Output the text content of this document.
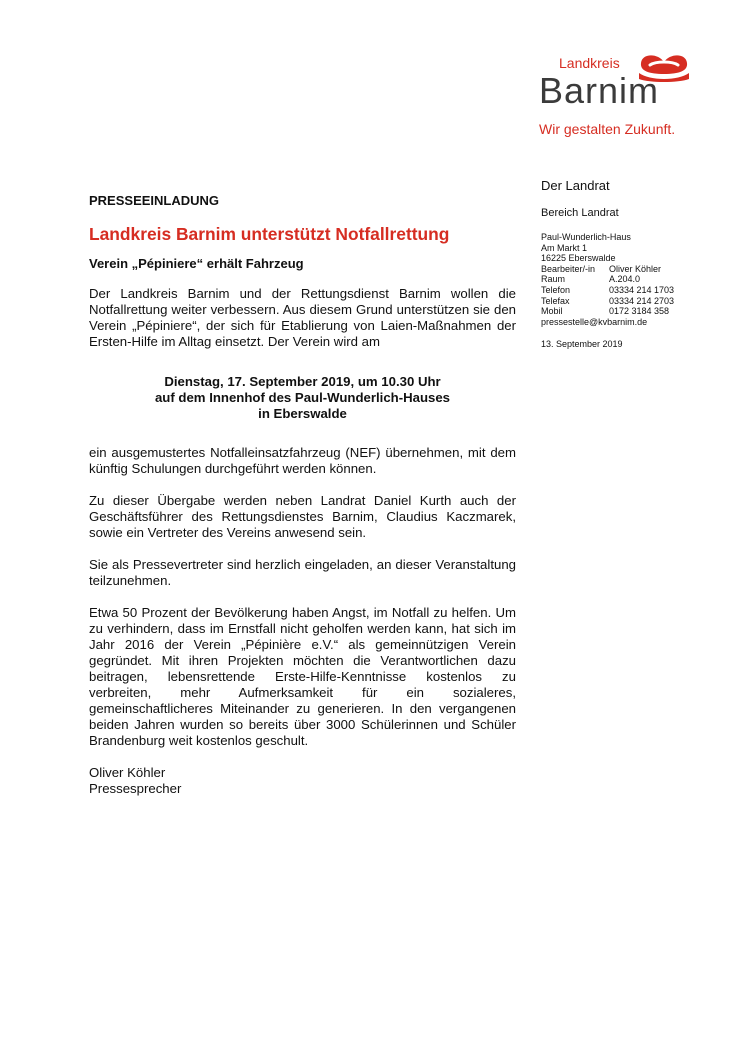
Landkreis
Barnim
Wir gestalten Zukunft.
Der Landrat
Bereich Landrat
Paul-Wunderlich-Haus
Am Markt 1
16225 Eberswalde
Bearbeiter/-in	Oliver Köhler
Raum	A.204.0
Telefon	03334 214 1703
Telefax	03334 214 2703
Mobil	0172 3184 358
pressestelle@kvbarnim.de
13. September 2019
PRESSEEINLADUNG
Landkreis Barnim unterstützt Notfallrettung
Verein „Pépiniere“ erhält Fahrzeug

Der Landkreis Barnim und der Rettungsdienst Barnim wollen die Notfallrettung weiter verbessern. Aus diesem Grund unterstützen sie den Verein „Pépiniere“, der sich für Etablierung von Laien-Maßnahmen der Ersten-Hilfe im Alltag einsetzt. Der Verein wird am

Dienstag, 17. September 2019, um 10.30 Uhr
auf dem Innenhof des Paul-Wunderlich-Hauses
in Eberswalde

ein ausgemustertes Notfalleinsatzfahrzeug (NEF) übernehmen, mit dem künftig Schulungen durchgeführt werden können.

Zu dieser Übergabe werden neben Landrat Daniel Kurth auch der Geschäftsführer des Rettungsdienstes Barnim, Claudius Kaczmarek, sowie ein Vertreter des Vereins anwesend sein.

Sie als Pressevertreter sind herzlich eingeladen, an dieser Veranstaltung teilzunehmen.

Etwa 50 Prozent der Bevölkerung haben Angst, im Notfall zu helfen. Um zu verhindern, dass im Ernstfall nicht geholfen werden kann, hat sich im Jahr 2016 der Verein „Pépinière e.V.“ als gemeinnützigen Verein gegründet. Mit ihren Projekten möchten die Verantwortlichen dazu beitragen, lebensrettende Erste-Hilfe-Kenntnisse kostenlos zu verbreiten, mehr Aufmerksamkeit für ein sozialeres, gemeinschaftlicheres Miteinander zu generieren. In den vergangenen beiden Jahren wurden so bereits über 3000 Schülerinnen und Schüler Brandenburg weit kostenlos geschult.

Oliver Köhler
Pressesprecher
